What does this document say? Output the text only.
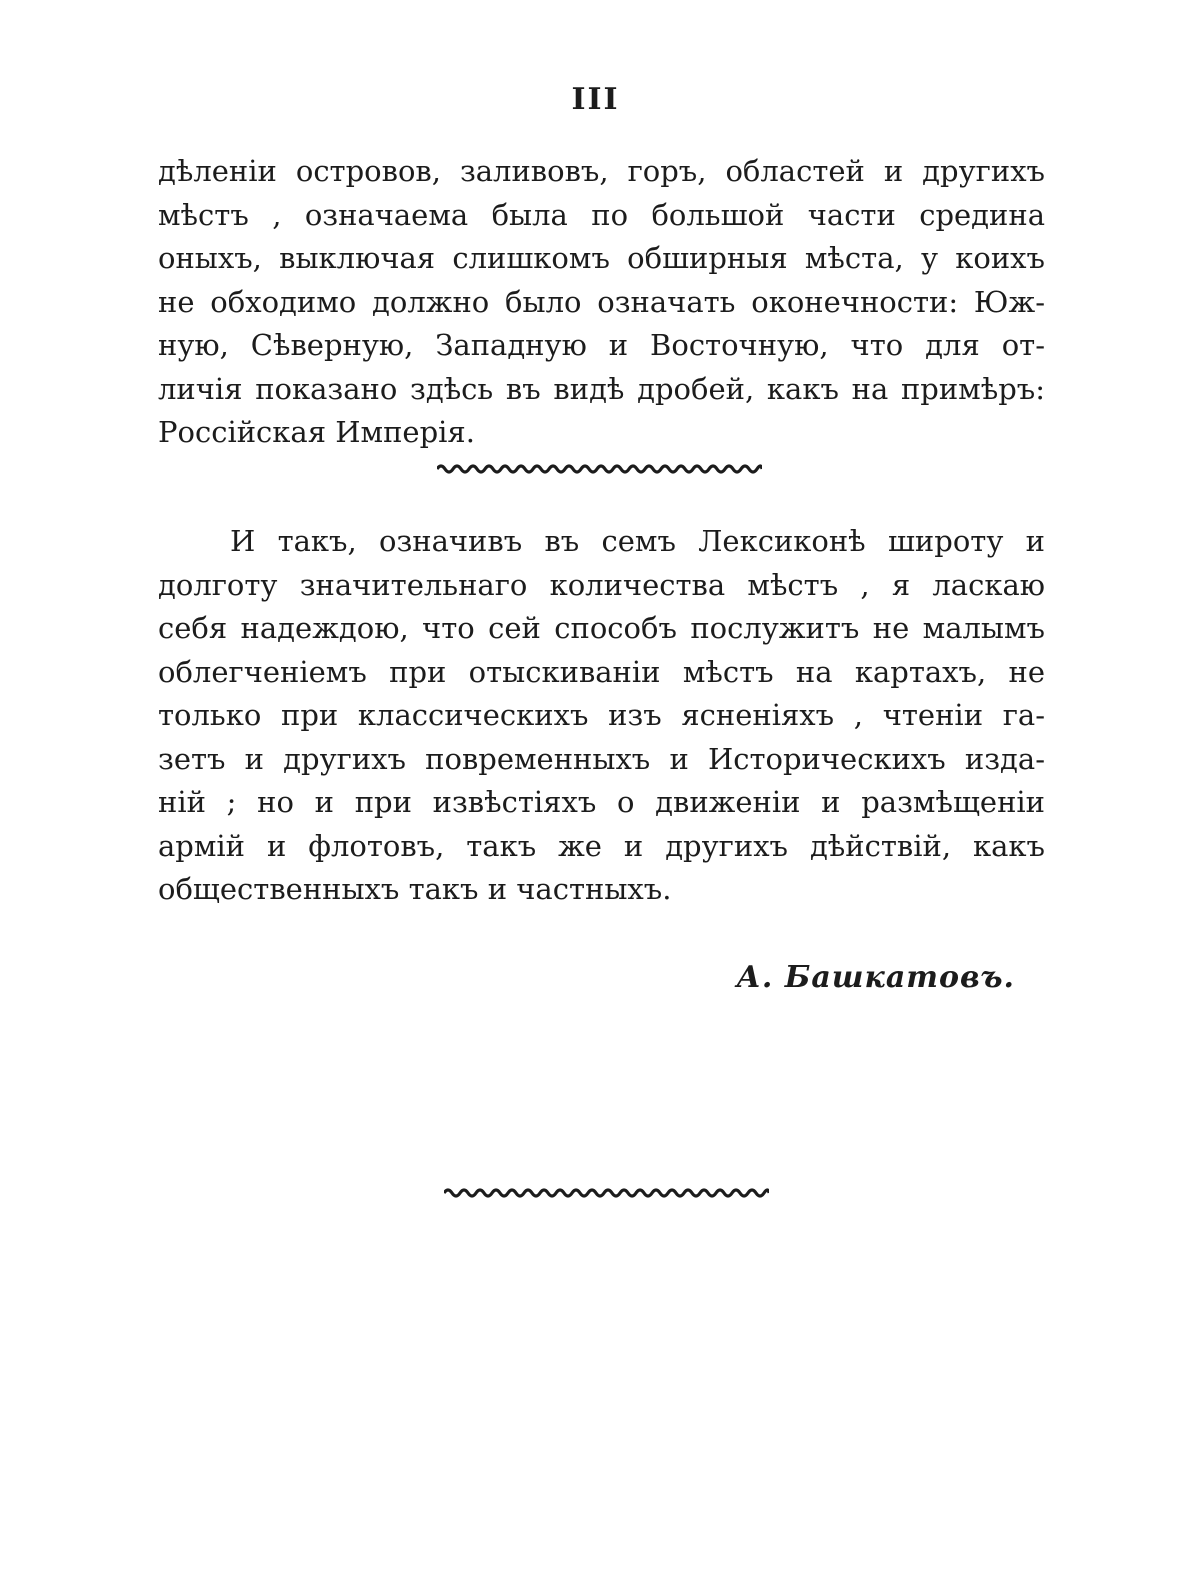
III
дѣленіи островов, заливовъ, горъ, областей и другихъ
мѣстъ , означаема была по большой части средина
оныхъ, выключая слишкомъ обширныя мѣста, у коихъ
не обходимо должно было означать оконечности: Юж-
ную, Сѣверную, Западную и Восточную, что для от-
личія показано здѣсь въ видѣ дробей, какъ на примѣръ:
Россійская Имперія.
И такъ, означивъ въ семъ Лексиконѣ широту и
долготу значительнаго количества мѣстъ , я ласкаю
себя надеждою, что сей способъ послужитъ не малымъ
облегченіемъ при отыскиваніи мѣстъ на картахъ, не
только при классическихъ изъ ясненіяхъ , чтеніи га-
зетъ и другихъ повременныхъ и Историческихъ изда-
ній ; но и при извѣстіяхъ о движеніи и размѣщеніи
армій и флотовъ, такъ же и другихъ дѣйствій, какъ
общественныхъ такъ и частныхъ.
А. Башкатовъ.
